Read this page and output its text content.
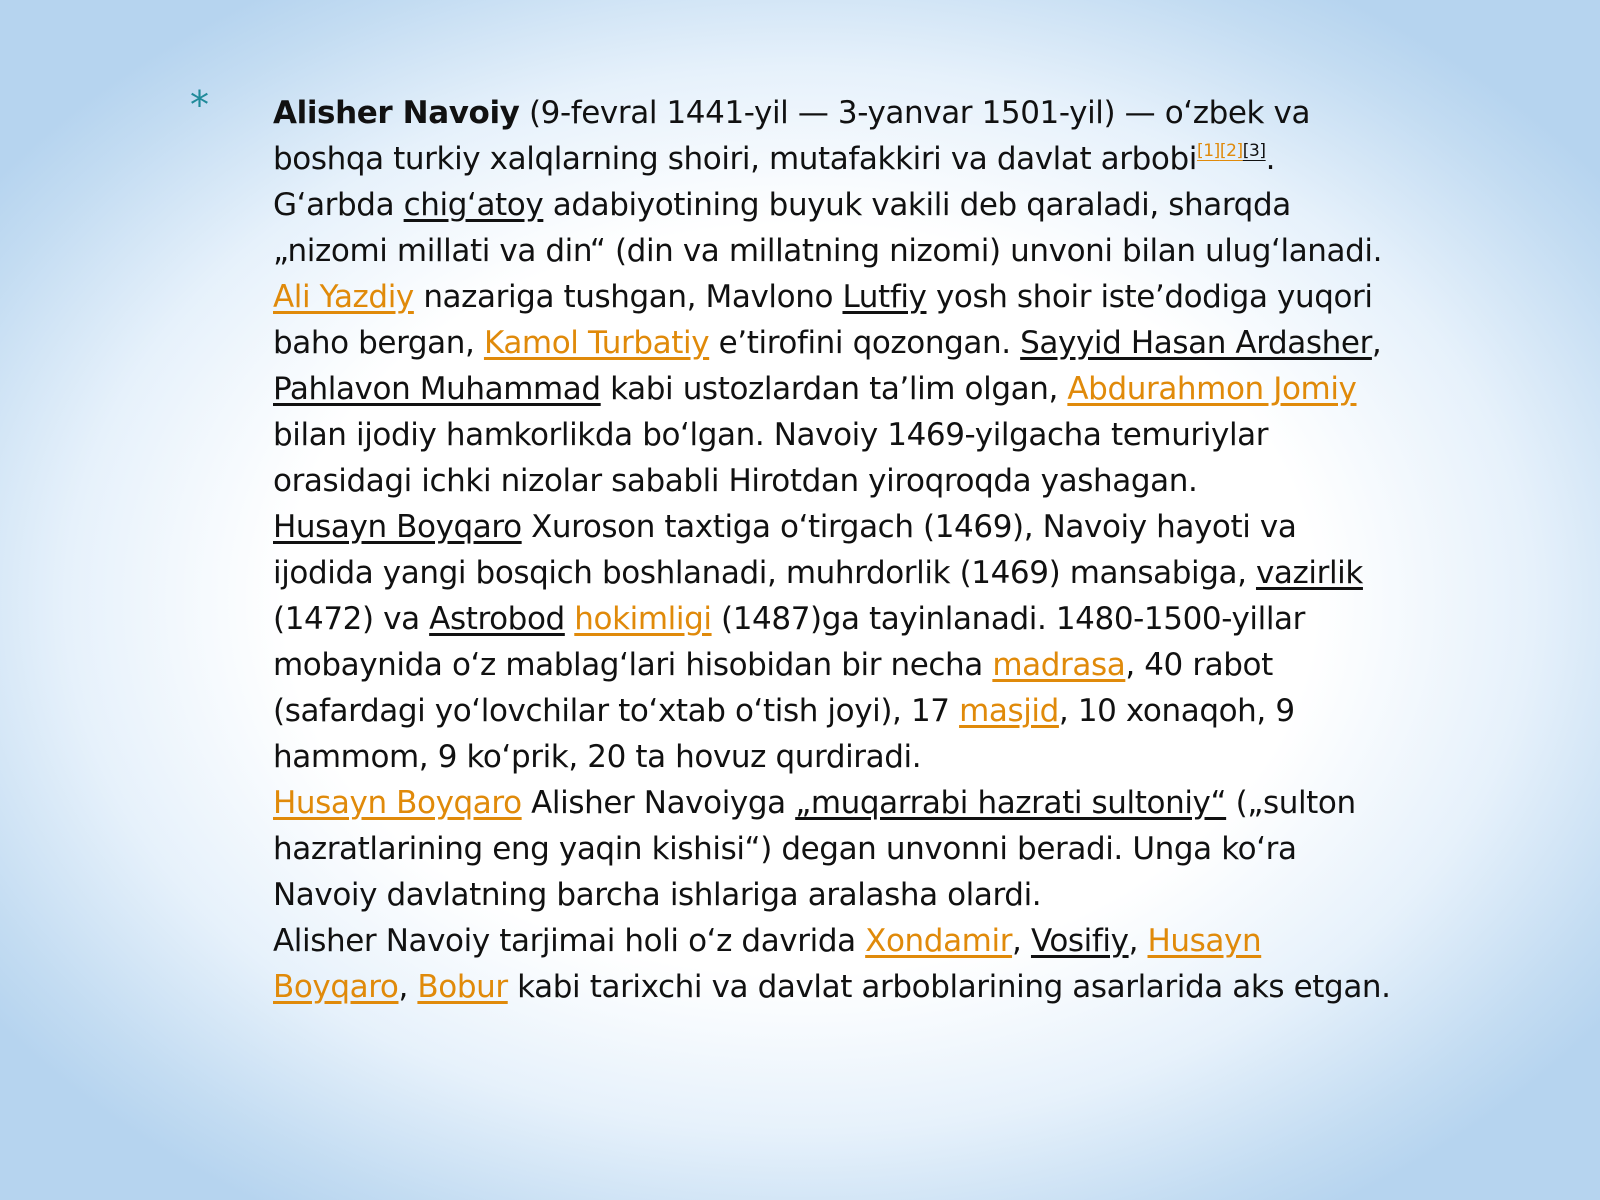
* Alisher Navoiy (9-fevral 1441-yil — 3-yanvar 1501-yil) — oʻzbek va boshqa turkiy xalqlarning shoiri, mutafakkiri va davlat arbobi[1][2][3]. Gʻarbda chigʻatoy adabiyotining buyuk vakili deb qaraladi, sharqda „nizomi millati va din“ (din va millatning nizomi) unvoni bilan ulugʻlanadi.

Ali Yazdiy nazariga tushgan, Mavlono Lutfiy yosh shoir isteʼdodiga yuqori baho bergan, Kamol Turbatiy eʼtirofini qozongan. Sayyid Hasan Ardasher, Pahlavon Muhammad kabi ustozlardan taʼlim olgan, Abdurahmon Jomiy bilan ijodiy hamkorlikda boʻlgan. Navoiy 1469-yilgacha temuriylar orasidagi ichki nizolar sababli Hirotdan yiroqroqda yashagan.

Husayn Boyqaro Xuroson taxtiga oʻtirgach (1469), Navoiy hayoti va ijodida yangi bosqich boshlanadi, muhrdorlik (1469) mansabiga, vazirlik (1472) va Astrobod hokimligi (1487)ga tayinlanadi. 1480-1500-yillar mobaynida oʻz mablagʻlari hisobidan bir necha madrasa, 40 rabot (safardagi yoʻlovchilar toʻxtab oʻtish joyi), 17 masjid, 10 xonaqoh, 9 hammom, 9 koʻprik, 20 ta hovuz qurdiradi.

Husayn Boyqaro Alisher Navoiyga „muqarrabi hazrati sultoniy“ („sulton hazratlarining eng yaqin kishisi“) degan unvonni beradi. Unga koʻra Navoiy davlatning barcha ishlariga aralasha olardi.

Alisher Navoiy tarjimai holi oʻz davrida Xondamir, Vosifiy, Husayn Boyqaro, Bobur kabi tarixchi va davlat arboblarining asarlarida aks etgan.
